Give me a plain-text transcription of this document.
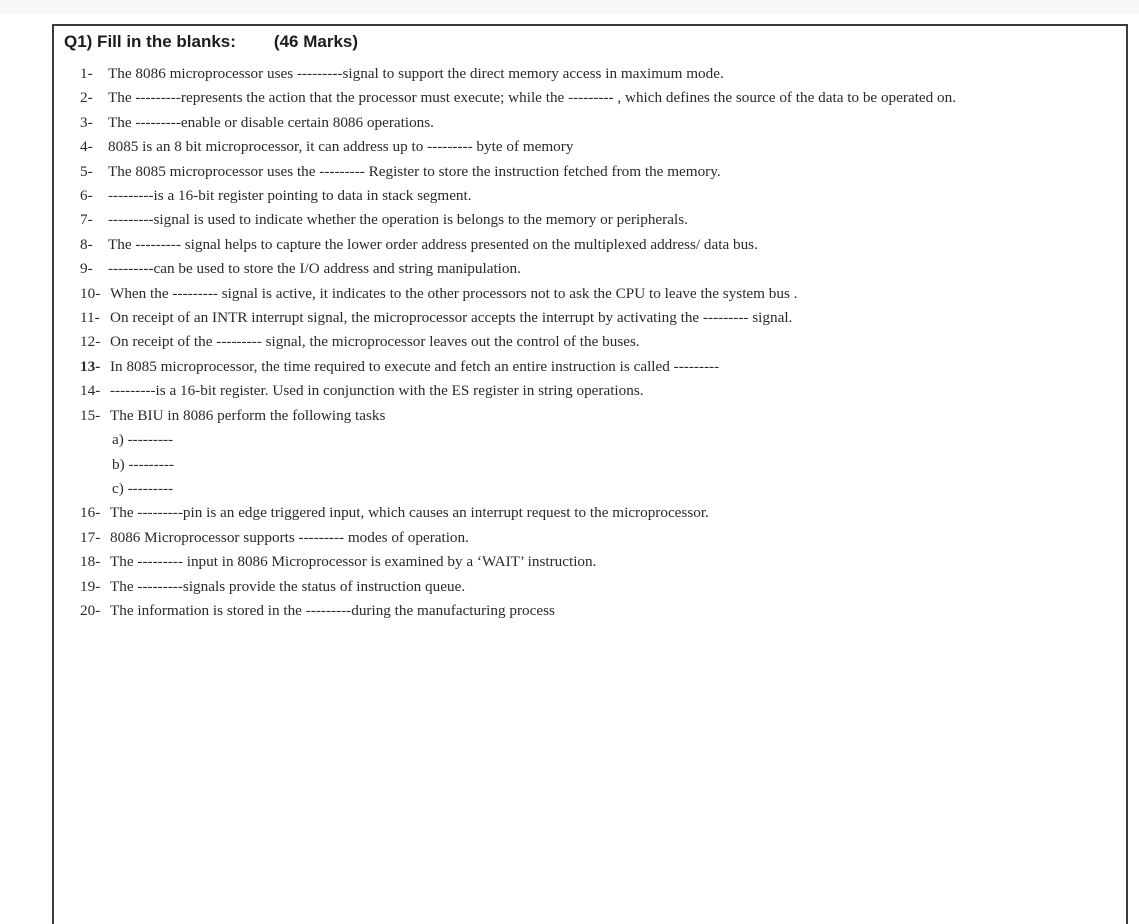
Q1) Fill in the blanks: (46 Marks)
1-	The 8086 microprocessor uses ---------signal to support the direct memory access in maximum mode.
2-	The ---------represents the action that the processor must execute; while the --------- , which defines the source of the data to be operated on.
3-	The ---------enable or disable certain 8086 operations.
4-	8085 is an 8 bit microprocessor, it can address up to --------- byte of memory
5-	The 8085 microprocessor uses the --------- Register to store the instruction fetched from the memory.
6-	---------is a 16-bit register pointing to data in stack segment.
7-	---------signal is used to indicate whether the operation is belongs to the memory or peripherals.
8-	The --------- signal helps to capture the lower order address presented on the multiplexed address/ data bus.
9-	---------can be used to store the I/O address and string manipulation.
10- When the --------- signal is active, it indicates to the other processors not to ask the CPU to leave the system bus .
11- On receipt of an INTR interrupt signal, the microprocessor accepts the interrupt by activating the --------- signal.
12- On receipt of the --------- signal, the microprocessor leaves out the control of the buses.
13- In 8085 microprocessor, the time required to execute and fetch an entire instruction is called ---------
14- ---------is a 16-bit register. Used in conjunction with the ES register in string operations.
15- The BIU in 8086 perform the following tasks
a) ---------
b) ---------
c) ---------
16- The ---------pin is an edge triggered input, which causes an interrupt request to the microprocessor.
17- 8086 Microprocessor supports --------- modes of operation.
18- The --------- input in 8086 Microprocessor is examined by a ‘WAIT’ instruction.
19- The ---------signals provide the status of instruction queue.
20- The information is stored in the ---------during the manufacturing process
